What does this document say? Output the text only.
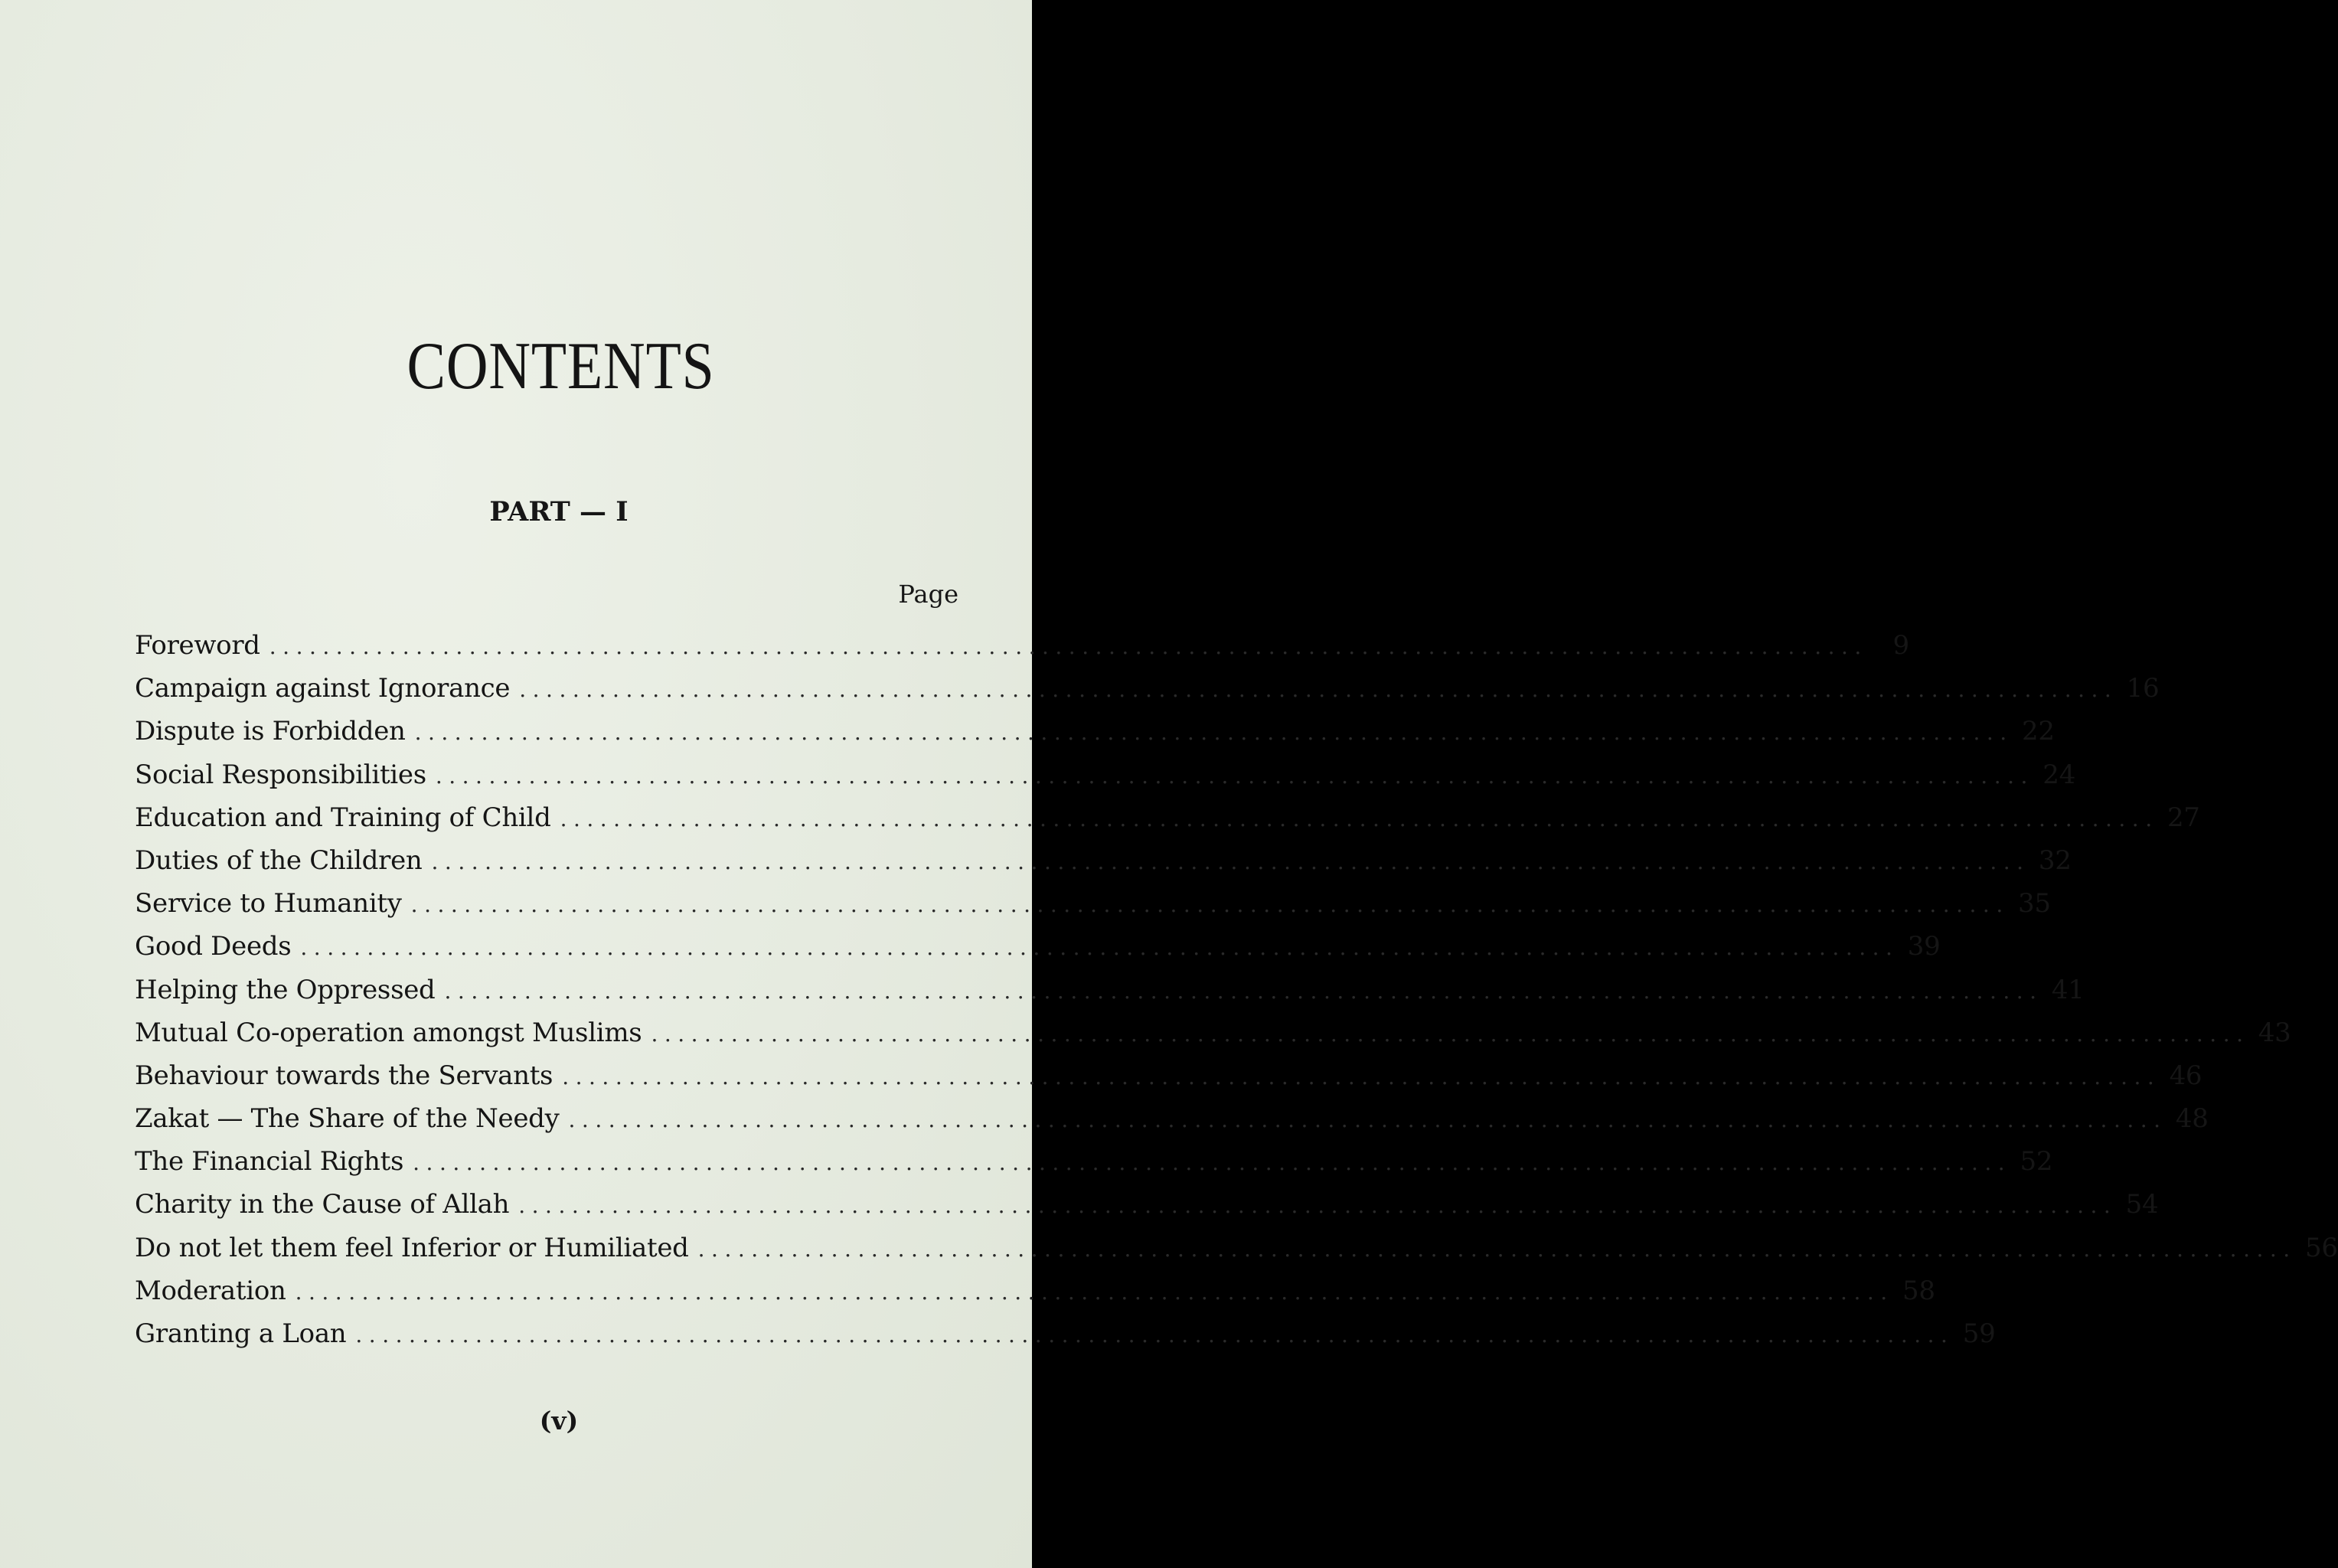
CONTENTS
PART — I
Page
Foreword ........................................................................................................................ 9
Campaign against Ignorance ........................................................................................................................ 16
Dispute is Forbidden ........................................................................................................................ 22
Social Responsibilities ........................................................................................................................ 24
Education and Training of Child ........................................................................................................................ 27
Duties of the Children ........................................................................................................................ 32
Service to Humanity ........................................................................................................................ 35
Good Deeds ........................................................................................................................ 39
Helping the Oppressed ........................................................................................................................ 41
Mutual Co-operation amongst Muslims ........................................................................................................................ 43
Behaviour towards the Servants ........................................................................................................................ 46
Zakat — The Share of the Needy ........................................................................................................................ 48
The Financial Rights ........................................................................................................................ 52
Charity in the Cause of Allah ........................................................................................................................ 54
Do not let them feel Inferior or Humiliated ........................................................................................................................ 56
Moderation ........................................................................................................................ 58
Granting a Loan ........................................................................................................................ 59
(v)
